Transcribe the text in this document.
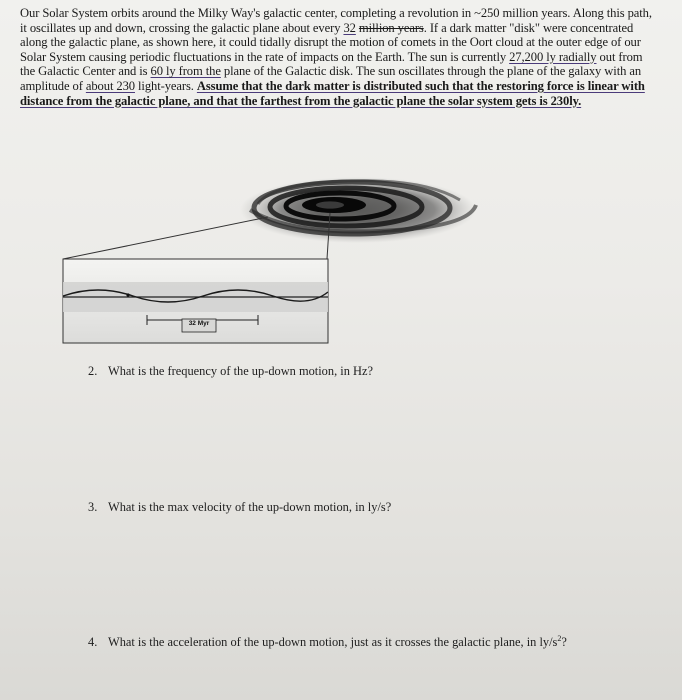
Our Solar System orbits around the Milky Way's galactic center, completing a revolution in ~250 million years. Along this path, it oscillates up and down, crossing the galactic plane about every 32 million years. If a dark matter "disk" were concentrated along the galactic plane, as shown here, it could tidally disrupt the motion of comets in the Oort cloud at the outer edge of our Solar System causing periodic fluctuations in the rate of impacts on the Earth. The sun is currently 27,200 ly radially out from the Galactic Center and is 60 ly from the plane of the Galactic disk. The sun oscillates through the plane of the galaxy with an amplitude of about 230 light-years. Assume that the dark matter is distributed such that the restoring force is linear with distance from the galactic plane, and that the farthest from the galactic plane the solar system gets is 230ly.

32 Myr
2. What is the frequency of the up-down motion, in Hz?
3. What is the max velocity of the up-down motion, in ly/s?
4. What is the acceleration of the up-down motion, just as it crosses the galactic plane, in $ly/s^2$?
